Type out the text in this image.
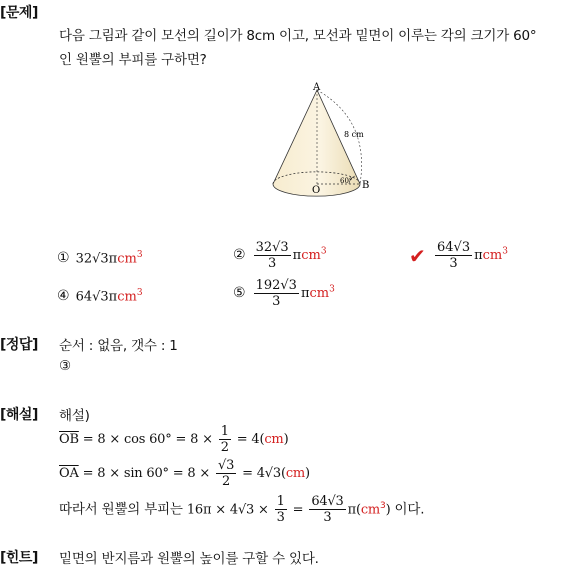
[문제]
다음 그림과 같이 모선의 길이가 8cm 이고, 모선과 밑면이 이루는 각의 크기가 60°
인 원뿔의 부피를 구하면?
A
B
O
8 cm
60°
① 32√3πcm$^3$	② $\frac{32√3}{3} \pi cm^3$	✔ $\frac{64√3}{3} \pi cm^3$
④ 64√3πcm$^3$	⑤ $\frac{192√3}{3} \pi cm^3$
[정답] 순서 : 없음, 갯수 : 1
③
[해설] 해설)
$\overline{OB} = 8 \times \cos 60^\circ = 8 \times \frac{1}{2} = 4(cm)$
$\overline{OA} = 8 \times \sin 60^\circ = 8 \times \frac{√3}{2} = 4√3(cm)$
따라서 원뿔의 부피는 $16\pi \times 4√3 \times \frac{1}{3} = \frac{64√3}{3} \pi(cm^3)$ 이다.
[힌트] 밑면의 반지름과 원뿔의 높이를 구할 수 있다.
